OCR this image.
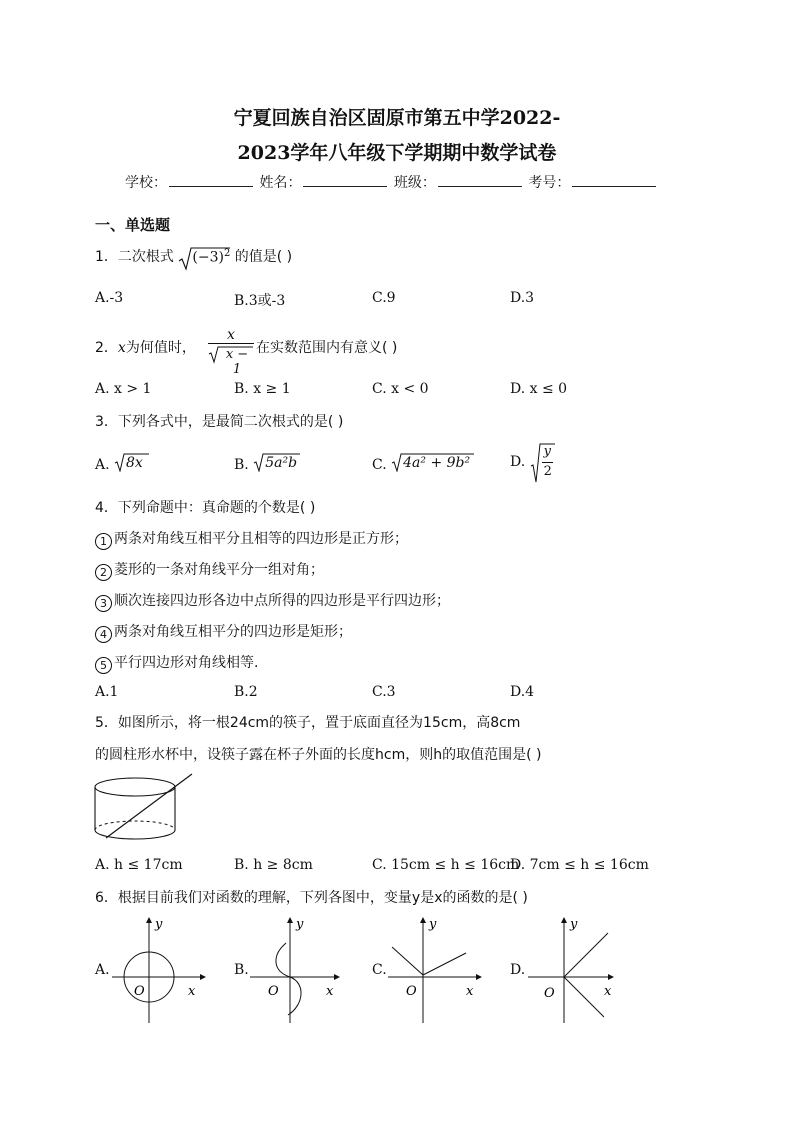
宁夏回族自治区固原市第五中学2022-
2023学年八年级下学期期中数学试卷
学校：	姓名：	班级：	考号：
一、单选题
1．二次根式 $(-3)^2$ 的值是( )
A.-3	B.3或-3	C.9	D.3
2．x为何值时，
x
x − 1
在实数范围内有意义( )
A. x > 1	B. x ≥ 1	C. x < 0	D. x ≤ 0
3．下列各式中，是最简二次根式的是( )
A. 8x	B. 5a²b	C. 4a² + 9b²	D. $\frac{y}{2}$
4．下列命题中：真命题的个数是( )
1 两条对角线互相平分且相等的四边形是正方形；
2 菱形的一条对角线平分一组对角；
3 顺次连接四边形各边中点所得的四边形是平行四边形；
4 两条对角线互相平分的四边形是矩形；
5 平行四边形对角线相等.
A.1	B.2	C.3	D.4
5．如图所示，将一根24cm的筷子，置于底面直径为15cm，高8cm
的圆柱形水杯中，设筷子露在杯子外面的长度hcm，则h的取值范围是( )
A. h ≤ 17cm	B. h ≥ 8cm	C. 15cm ≤ h ≤ 16cm
D. 7cm ≤ h ≤ 16cm
6．根据目前我们对函数的理解，下列各图中，变量y是x的函数的是( )
A.
y
x
O
B.
y
x
O
C.
y
x
O
D.
y
x
O
